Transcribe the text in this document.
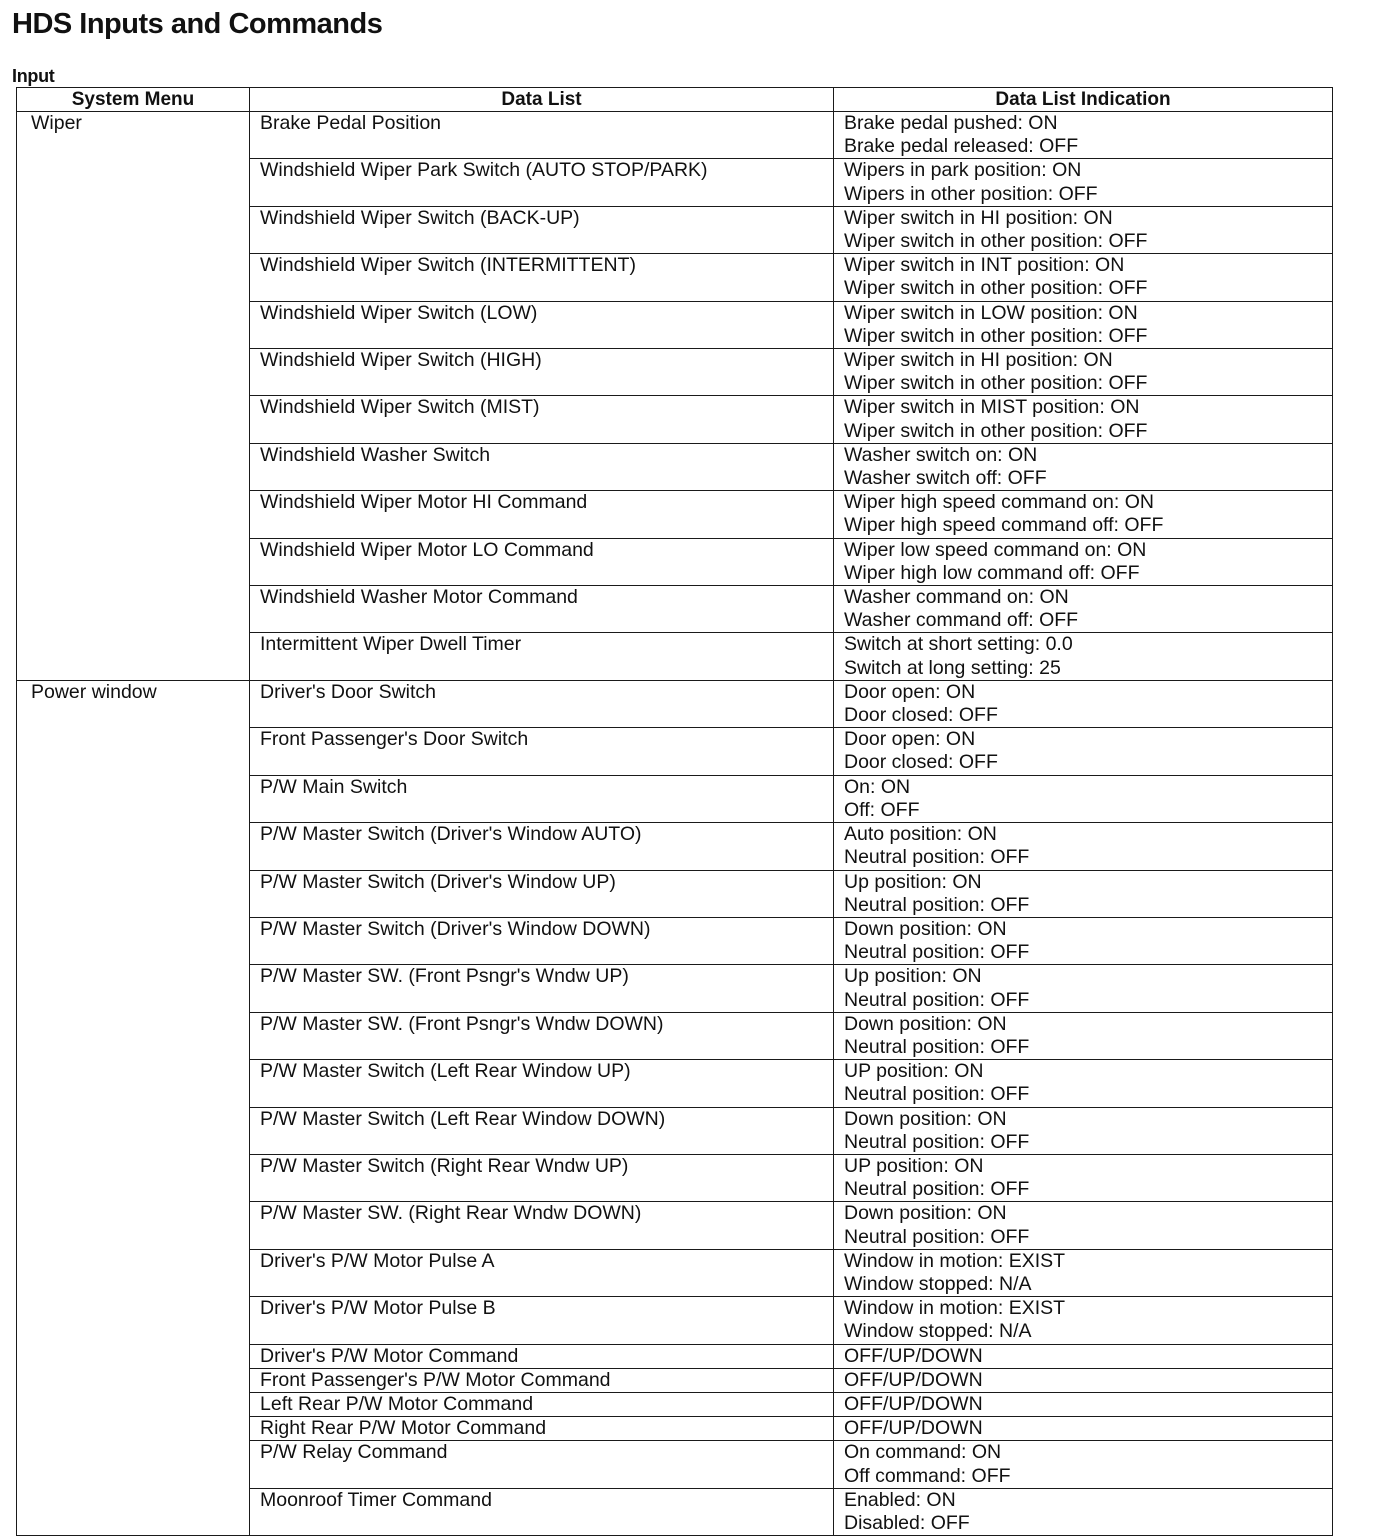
HDS Inputs and Commands
Input
System Menu	Data List	Data List Indication
Wiper	Brake Pedal Position	Brake pedal pushed: ON
Brake pedal released: OFF

	Windshield Wiper Park Switch (AUTO STOP/PARK)	Wipers in park position: ON
Wipers in other position: OFF

	Windshield Wiper Switch (BACK-UP)	Wiper switch in HI position: ON
Wiper switch in other position: OFF

	Windshield Wiper Switch (INTERMITTENT)	Wiper switch in INT position: ON
Wiper switch in other position: OFF

	Windshield Wiper Switch (LOW)	Wiper switch in LOW position: ON
Wiper switch in other position: OFF

	Windshield Wiper Switch (HIGH)	Wiper switch in HI position: ON
Wiper switch in other position: OFF

	Windshield Wiper Switch (MIST)	Wiper switch in MIST position: ON
Wiper switch in other position: OFF

	Windshield Washer Switch	Washer switch on: ON
Washer switch off: OFF

	Windshield Wiper Motor HI Command	Wiper high speed command on: ON
Wiper high speed command off: OFF

	Windshield Wiper Motor LO Command	Wiper low speed command on: ON
Wiper high low command off: OFF

	Windshield Washer Motor Command	Washer command on: ON
Washer command off: OFF

	Intermittent Wiper Dwell Timer	Switch at short setting: 0.0
Switch at long setting: 25

Power window	Driver's Door Switch	Door open: ON
Door closed: OFF

	Front Passenger's Door Switch	Door open: ON
Door closed: OFF

	P/W Main Switch	On: ON
Off: OFF

	P/W Master Switch (Driver's Window AUTO)	Auto position: ON
Neutral position: OFF

	P/W Master Switch (Driver's Window UP)	Up position: ON
Neutral position: OFF

	P/W Master Switch (Driver's Window DOWN)	Down position: ON
Neutral position: OFF

	P/W Master SW. (Front Psngr's Wndw UP)	Up position: ON
Neutral position: OFF

	P/W Master SW. (Front Psngr's Wndw DOWN)	Down position: ON
Neutral position: OFF

	P/W Master Switch (Left Rear Window UP)	UP position: ON
Neutral position: OFF

	P/W Master Switch (Left Rear Window DOWN)	Down position: ON
Neutral position: OFF

	P/W Master Switch (Right Rear Wndw UP)	UP position: ON
Neutral position: OFF

	P/W Master SW. (Right Rear Wndw DOWN)	Down position: ON
Neutral position: OFF

	Driver's P/W Motor Pulse A	Window in motion: EXIST
Window stopped: N/A

	Driver's P/W Motor Pulse B	Window in motion: EXIST
Window stopped: N/A

	Driver's P/W Motor Command	OFF/UP/DOWN

	Front Passenger's P/W Motor Command	OFF/UP/DOWN

	Left Rear P/W Motor Command	OFF/UP/DOWN

	Right Rear P/W Motor Command	OFF/UP/DOWN

	P/W Relay Command	On command: ON
Off command: OFF

	Moonroof Timer Command	Enabled: ON
Disabled: OFF
